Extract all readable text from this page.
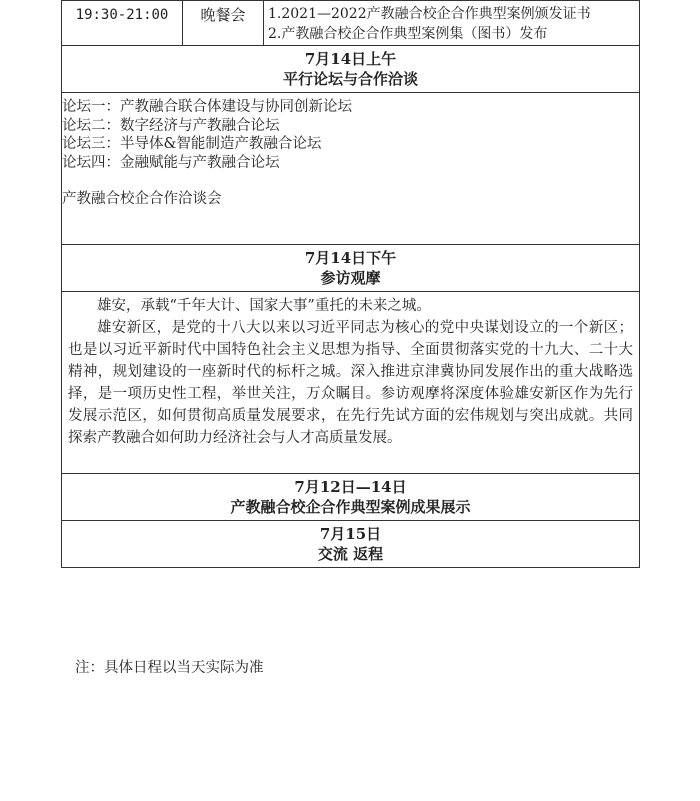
19:30-21:00	晚餐会	1.2021—2022产教融合校企合作典型案例颁发证书
2.产教融合校企合作典型案例集（图书）发布

7月14日上午
平行论坛与合作洽谈

论坛一：产教融合联合体建设与协同创新论坛
论坛二：数字经济与产教融合论坛
论坛三：半导体&智能制造产教融合论坛
论坛四：金融赋能与产教融合论坛
产教融合校企合作洽谈会

7月14日下午
参访观摩

雄安，承载“千年大计、国家大事”重托的未来之城。

雄安新区，是党的十八大以来以习近平同志为核心的党中央谋划设立的一个新区；也是以习近平新时代中国特色社会主义思想为指导、全面贯彻落实党的十九大、二十大精神，规划建设的一座新时代的标杆之城。深入推进京津冀协同发展作出的重大战略选择，是一项历史性工程，举世关注，万众瞩目。参访观摩将深度体验雄安新区作为先行发展示范区，如何贯彻高质量发展要求，在先行先试方面的宏伟规划与突出成就。共同探索产教融合如何助力经济社会与人才高质量发展。

7月12日—14日
产教融合校企合作典型案例成果展示

7月15日
交流 返程
注：具体日程以当天实际为准
